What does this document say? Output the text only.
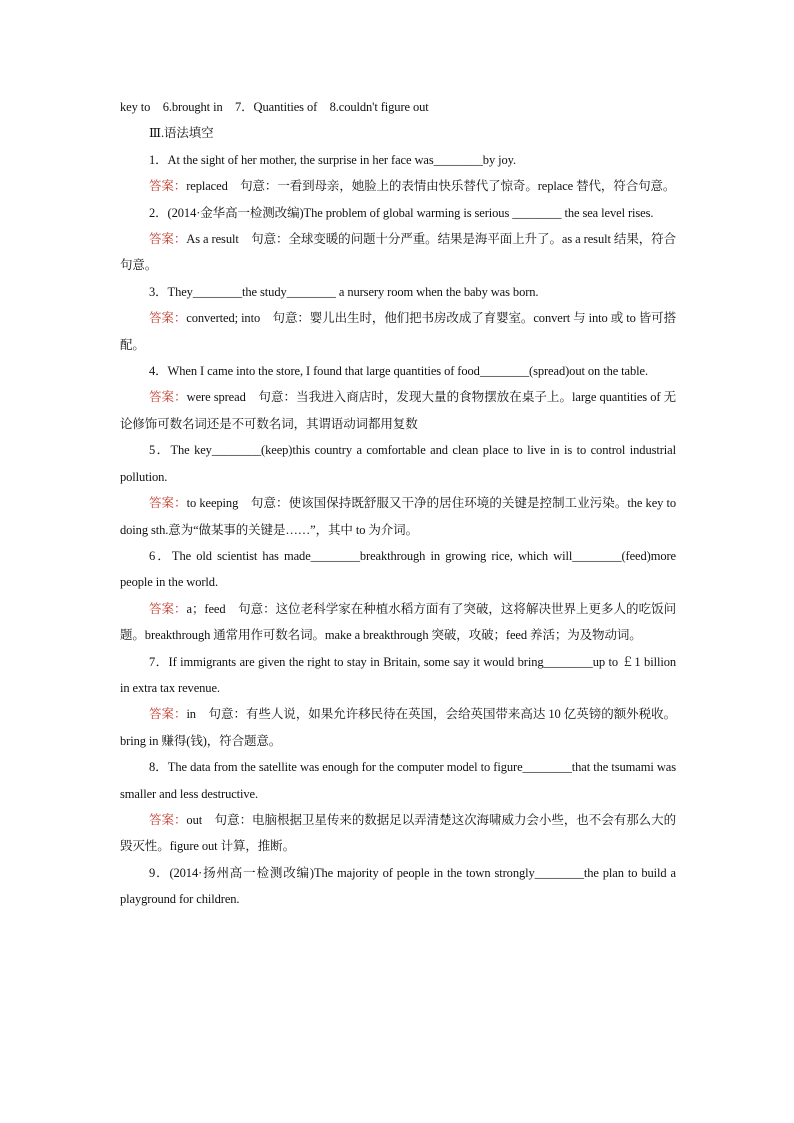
key to　6.brought in　7．Quantities of　8.couldn't figure out
Ⅲ.语法填空
1．At the sight of her mother, the surprise in her face was________by joy.
答案：replaced　句意：一看到母亲，她脸上的表情由快乐替代了惊奇。replace 替代，符合句意。
2．(2014·金华高一检测改编)The problem of global warming is serious ________ the sea level rises.
答案：As a result　句意：全球变暖的问题十分严重。结果是海平面上升了。as a result 结果，符合句意。
3．They________the study________ a nursery room when the baby was born.
答案：converted; into　句意：婴儿出生时，他们把书房改成了育婴室。convert 与 into 或 to 皆可搭配。
4．When I came into the store, I found that large quantities of food________(spread)out on the table.
答案：were spread　句意：当我进入商店时，发现大量的食物摆放在桌子上。large quantities of 无论修饰可数名词还是不可数名词，其谓语动词都用复数
5．The key________(keep)this country a comfortable and clean place to live in is to control industrial pollution.
答案：to keeping　句意：使该国保持既舒服又干净的居住环境的关键是控制工业污染。the key to doing sth.意为“做某事的关键是……”，其中 to 为介词。
6．The old scientist has made________breakthrough in growing rice, which will________(feed)more people in the world.
答案：a；feed　句意：这位老科学家在种植水稻方面有了突破，这将解决世界上更多人的吃饭问题。breakthrough 通常用作可数名词。make a breakthrough 突破，攻破；feed 养活；为及物动词。
7．If immigrants are given the right to stay in Britain, some say it would bring________up to ￡1 billion in extra tax revenue.
答案：in　句意：有些人说，如果允许移民待在英国，会给英国带来高达 10 亿英镑的额外税收。bring in 赚得(钱)，符合题意。
8．The data from the satellite was enough for the computer model to figure________that the tsumami was smaller and less destructive.
答案：out　句意：电脑根据卫星传来的数据足以弄清楚这次海啸威力会小些，也不会有那么大的毁灭性。figure out 计算，推断。
9．(2014·扬州高一检测改编)The majority of people in the town strongly________the plan to build a playground for children.
